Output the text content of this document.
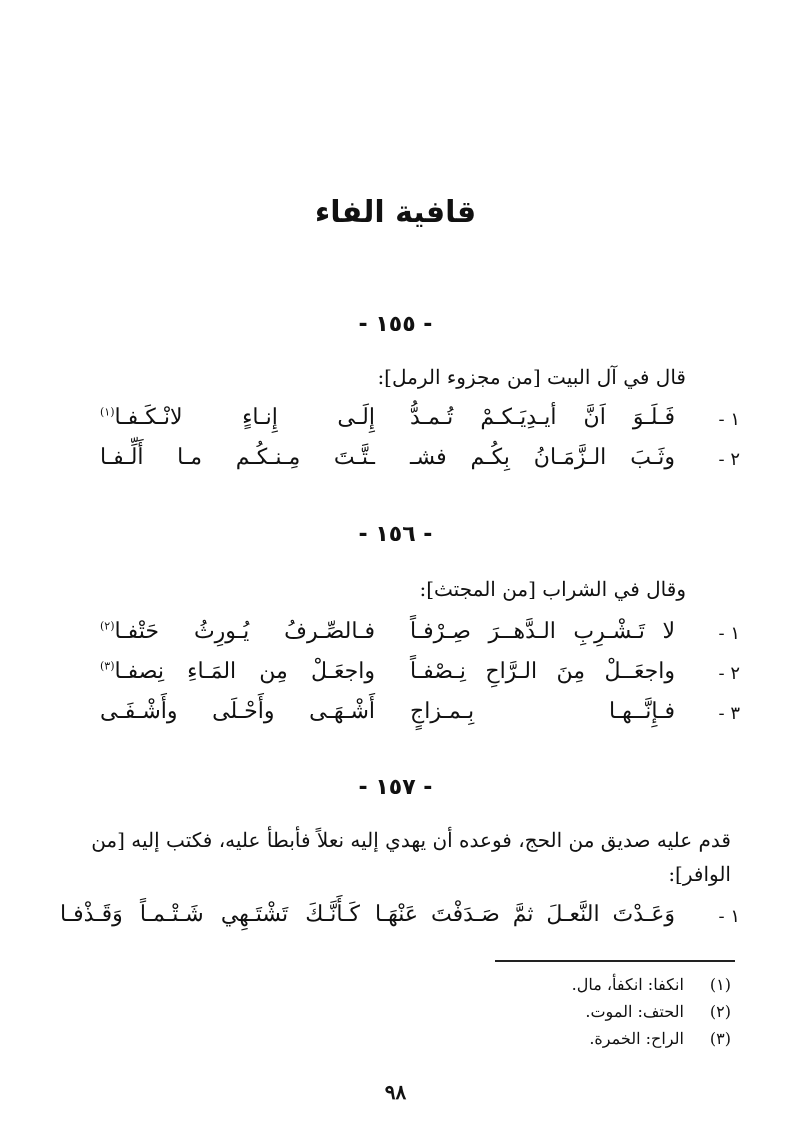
قافية الفاء
- ١٥٥ -
قال في آل البيت [من مجزوء الرمل]:
١ -
فَـلَـوَ اَنَّ أيـدِيَـكـمْ تُـمـدُّ
إِلَـى إِنـاءٍ لانْـكَـفـا$^{(١)}$
٢ -
وثَـبَ الـزَّمَـانُ بِكُـم فشـ
ـتَّـتَ مِـنـكُـم مـا أَلِّـفـا
- ١٥٦ -
وقال في الشراب [من المجتث]:
١ -
لا تَـشْـرِبِ الـدَّهــرَ صِـرْفـاً
فـالصِّـرفُ يُـورِثُ حَتْفـا$^{(٢)}$
٢ -
واجعَــلْ مِنَ الـرَّاحِ نِـصْفـاً
واجعَـلْ مِن المَـاءِ نِصفـا$^{(٣)}$
٣ -
فـإِنَّــهـا بِـمـزاجٍ
أَشْـهَـى وأَحْـلَى وأَشْـفَـى
- ١٥٧ -
قدم عليه صديق من الحج، فوعده أن يهدي إليه نعلاً فأبطأ عليه، فكتب إليه [من الوافر]:
١ -
وَعَـدْتَ النَّعـلَ ثمَّ صَـدَفْتَ عَنْهَـا
كَـأَنَّـكَ تَشْتَـهِي شَـتْـمـاً وَقَـذْفـا
(١) انكفا: انكفأ، مال.
(٢) الحتف: الموت.
(٣) الراح: الخمرة.
٩٨
